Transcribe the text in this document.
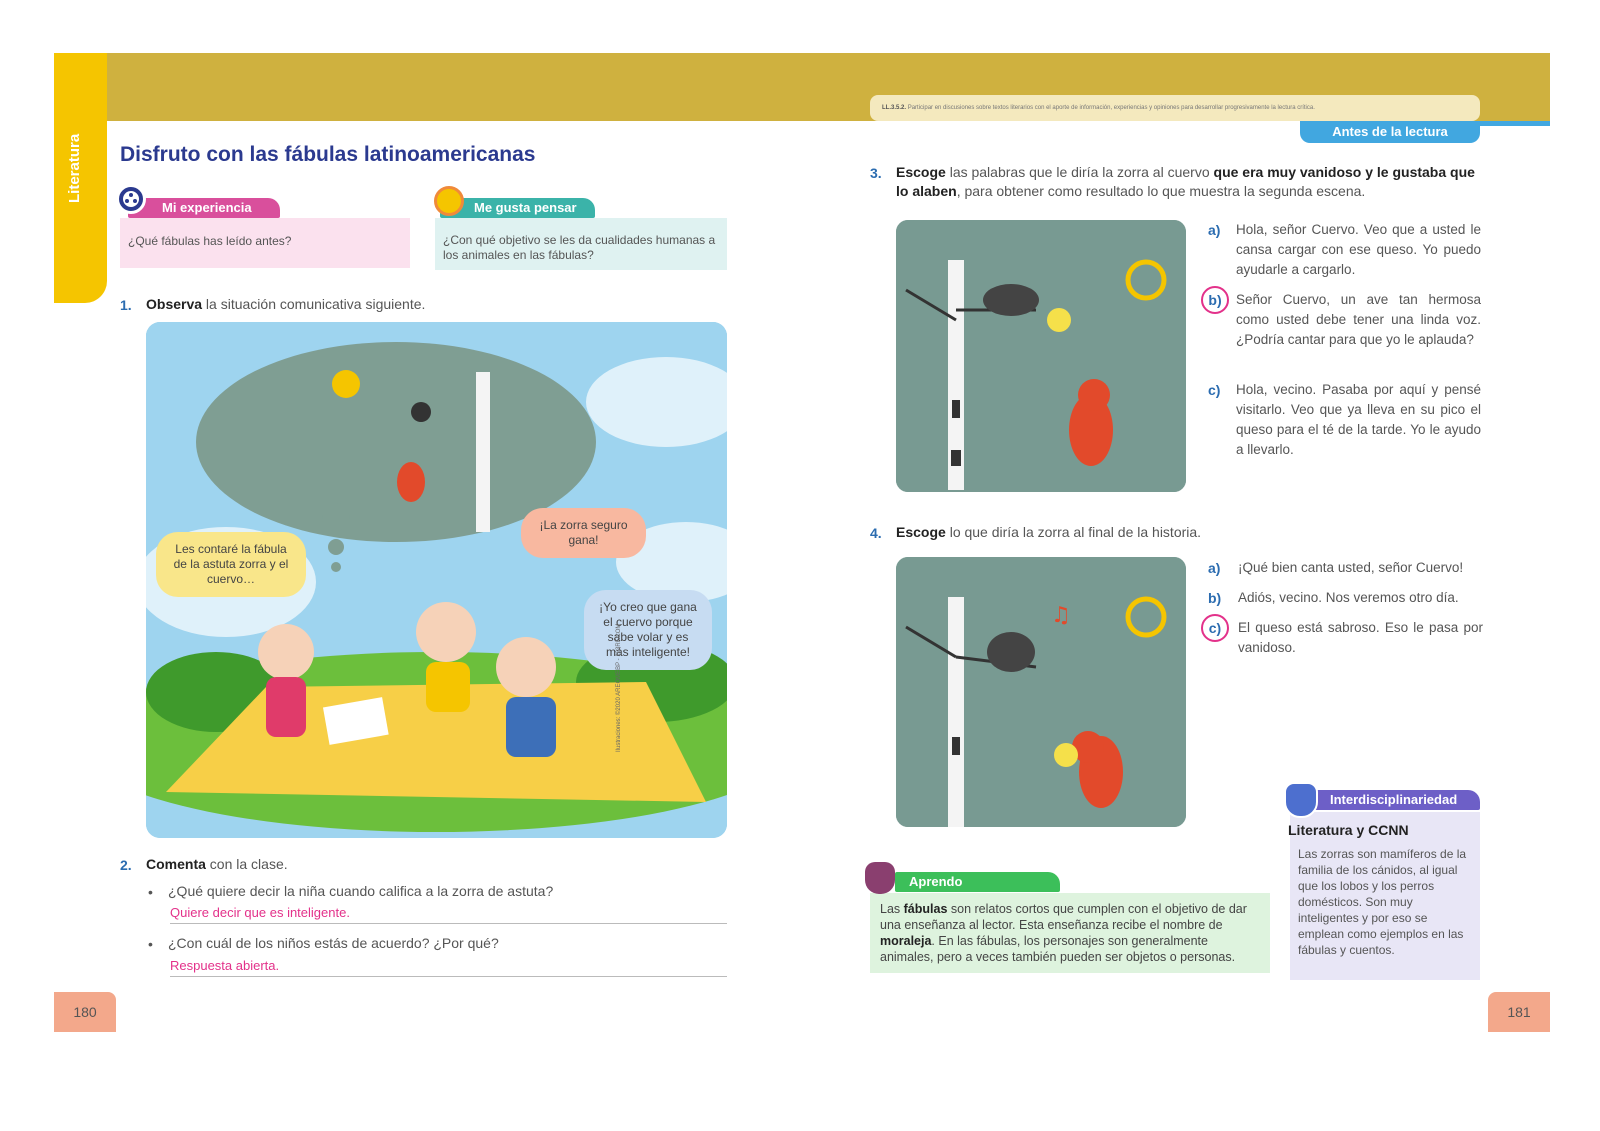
Literatura Disfruto con las fábulas latinoamericanas
¿Qué fábulas has leído antes?
Mi experiencia
¿Con qué objetivo se les da cualidades humanas a los animales en las fábulas?
Me gusta pensar
1. Observa la situación comunicativa siguiente.
Les contaré la fábula de la astuta zorra y el cuervo…
¡La zorra seguro gana!
¡Yo creo que gana el cuervo porque sabe volar y es más inteligente!
Ilustraciones: ©2020 AREOMEBP - 123RF.COM
2. Comenta con la clase.
• ¿Qué quiere decir la niña cuando califica a la zorra de astuta?
Quiere decir que es inteligente.
• ¿Con cuál de los niños estás de acuerdo? ¿Por qué?
Respuesta abierta.
180
LL.3.5.2. Participar en discusiones sobre textos literarios con el aporte de información, experiencias y opiniones para desarrollar progresivamente la lectura crítica.
Antes de la lectura
3. Escoge las palabras que le diría la zorra al cuervo que era muy vanidoso y le gustaba que lo alaben, para obtener como resultado lo que muestra la segunda escena.
a) Hola, señor Cuervo. Veo que a usted le cansa cargar con ese queso. Yo puedo ayudarle a cargarlo.
b)	Señor Cuervo, un ave tan hermosa como usted debe tener una linda voz. ¿Podría cantar para que yo le aplauda?
c) Hola, vecino. Pasaba por aquí y pensé visitarlo. Veo que ya lleva en su pico el queso para el té de la tarde. Yo le ayudo a llevarlo.
4. Escoge lo que diría la zorra al final de la historia.
♫
a) ¡Qué bien canta usted, señor Cuervo!
b) Adiós, vecino. Nos veremos otro día.
c)	El queso está sabroso. Eso le pasa por vanidoso.
Literatura y CCNN
Las zorras son mamíferos de la familia de los cánidos, al igual que los lobos y los perros domésticos. Son muy inteligentes y por eso se emplean como ejemplos en las fábulas y cuentos.
Interdisciplinariedad
Las fábulas son relatos cortos que cumplen con el objetivo de dar una enseñanza al lector. Esta enseñanza recibe el nombre de moraleja. En las fábulas, los personajes son generalmente animales, pero a veces también pueden ser objetos o personas.
Aprendo
181
